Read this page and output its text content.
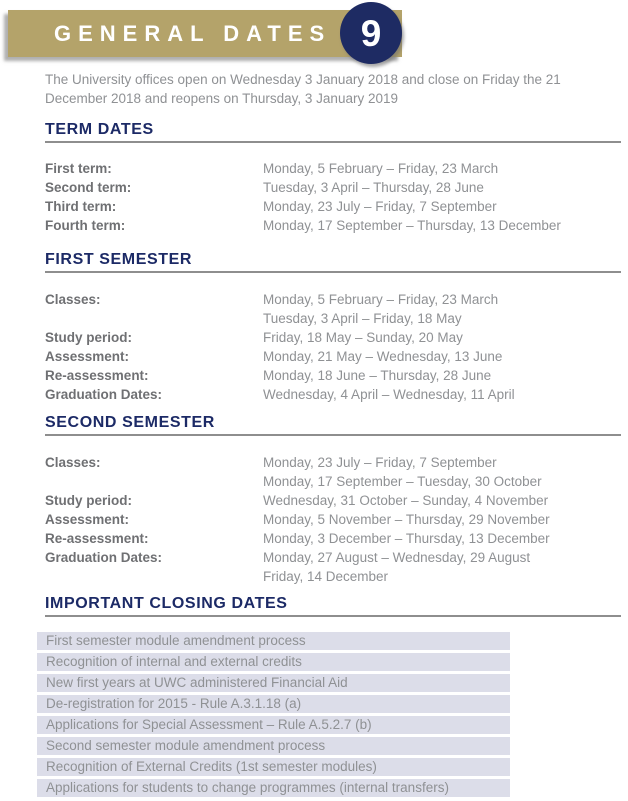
GENERAL DATES 9

The University offices open on Wednesday 3 January 2018 and close on Friday the 21 December 2018 and reopens on Thursday, 3 January 2019

TERM DATES
First term:	Monday, 5 February – Friday, 23 March
Second term:	Tuesday, 3 April – Thursday, 28 June
Third term:	Monday, 23 July – Friday, 7 September
Fourth term:	Monday, 17 September – Thursday, 13 December
FIRST SEMESTER
Classes:	Monday, 5 February – Friday, 23 March
Tuesday, 3 April – Friday, 18 May
Study period:	Friday, 18 May – Sunday, 20 May
Assessment:	Monday, 21 May – Wednesday, 13 June
Re-assessment:	Monday, 18 June – Thursday, 28 June
Graduation Dates:	Wednesday, 4 April – Wednesday, 11 April
SECOND SEMESTER
Classes:	Monday, 23 July – Friday, 7 September
Monday, 17 September – Tuesday, 30 October
Study period:	Wednesday, 31 October – Sunday, 4 November
Assessment:	Monday, 5 November – Thursday, 29 November
Re-assessment:	Monday, 3 December – Thursday, 13 December
Graduation Dates:	Monday, 27 August – Wednesday, 29 August
Friday, 14 December
IMPORTANT CLOSING DATES
First semester module amendment process
Recognition of internal and external credits
New first years at UWC administered Financial Aid
De-registration for 2015 - Rule A.3.1.18 (a)
Applications for Special Assessment – Rule A.5.2.7 (b)
Second semester module amendment process
Recognition of External Credits (1st semester modules)
Applications for students to change programmes (internal transfers)
